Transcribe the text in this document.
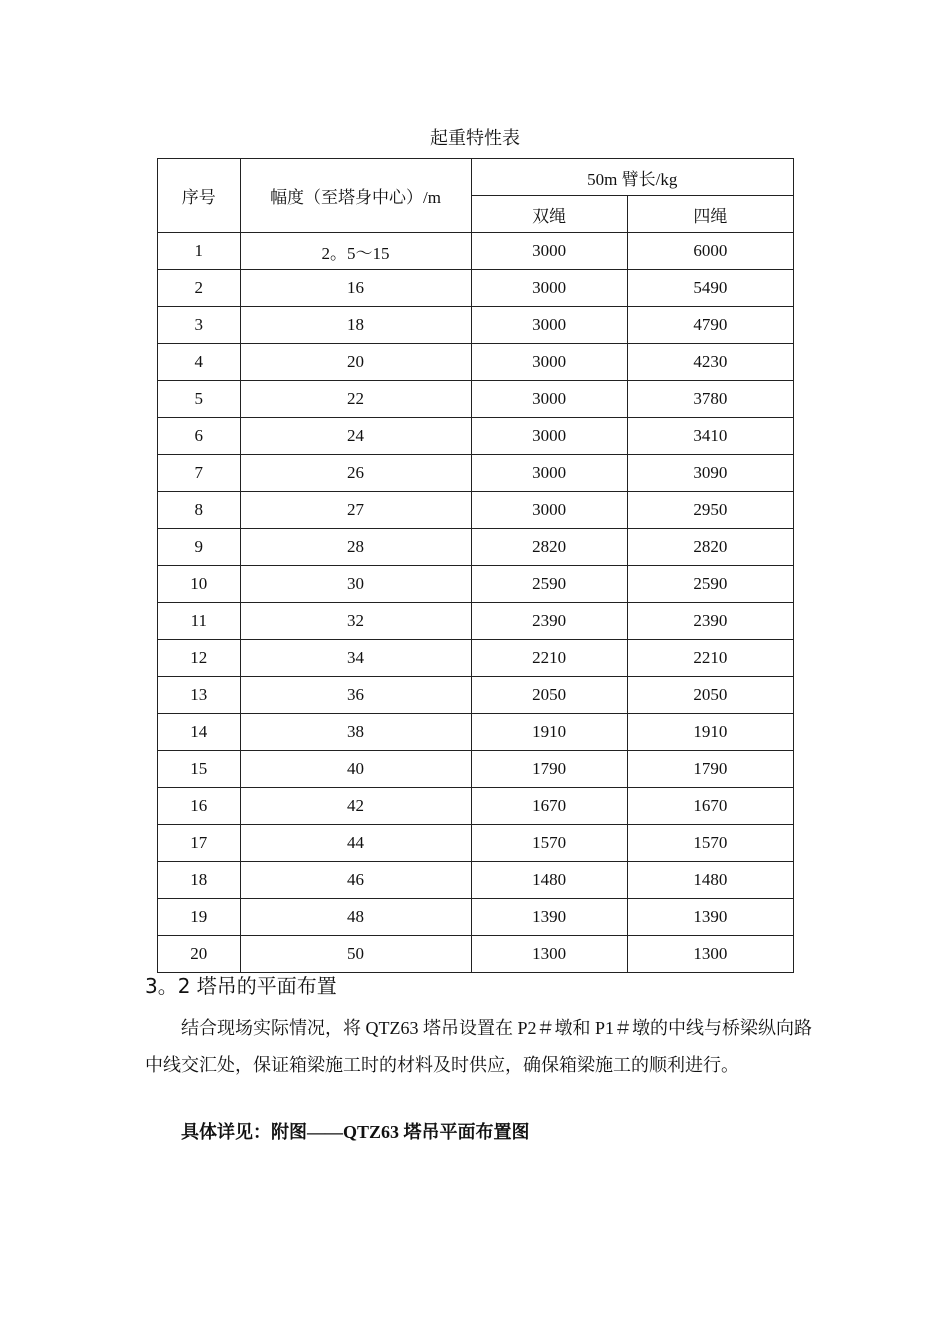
起重特性表
序号	幅度（至塔身中心）/m	50m 臂长/kg	
		双绳	四绳
1	2。5～15	3000	6000
2	16	3000	5490
3	18	3000	4790
4	20	3000	4230
5	22	3000	3780
6	24	3000	3410
7	26	3000	3090
8	27	3000	2950
9	28	2820	2820
10	30	2590	2590
11	32	2390	2390
12	34	2210	2210
13	36	2050	2050
14	38	1910	1910
15	40	1790	1790
16	42	1670	1670
17	44	1570	1570
18	46	1480	1480
19	48	1390	1390
20	50	1300	1300
3。2 塔吊的平面布置
结合现场实际情况，将 QTZ63 塔吊设置在 P2＃墩和 P1＃墩的中线与桥梁纵向路中线交汇处，保证箱梁施工时的材料及时供应，确保箱梁施工的顺利进行。
具体详见：附图——QTZ63 塔吊平面布置图
